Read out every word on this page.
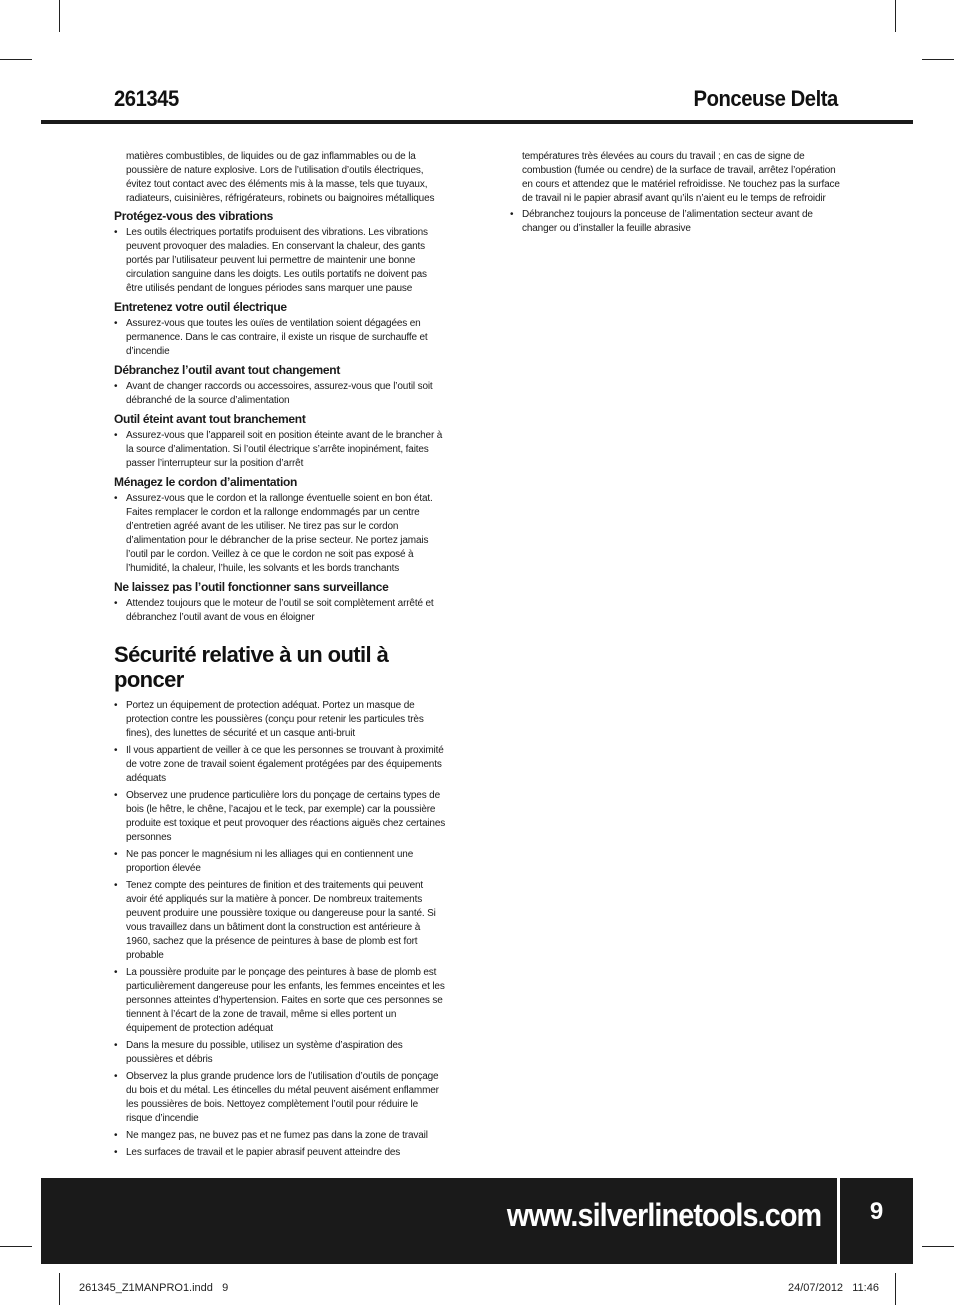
261345	Ponceuse Delta

matières combustibles, de liquides ou de gaz inflammables ou de la poussière de nature explosive. Lors de l’utilisation d’outils électriques, évitez tout contact avec des éléments mis à la masse, tels que tuyaux, radiateurs, cuisinières, réfrigérateurs, robinets ou baignoires métalliques

Protégez-vous des vibrations
• Les outils électriques portatifs produisent des vibrations. Les vibrations peuvent provoquer des maladies. En conservant la chaleur, des gants portés par l’utilisateur peuvent lui permettre de maintenir une bonne circulation sanguine dans les doigts. Les outils portatifs ne doivent pas être utilisés pendant de longues périodes sans marquer une pause
Entretenez votre outil électrique
• Assurez-vous que toutes les ouïes de ventilation soient dégagées en permanence. Dans le cas contraire, il existe un risque de surchauffe et d’incendie
Débranchez l’outil avant tout changement
• Avant de changer raccords ou accessoires, assurez-vous que l’outil soit débranché de la source d’alimentation
Outil éteint avant tout branchement
• Assurez-vous que l’appareil soit en position éteinte avant de le brancher à la source d’alimentation. Si l’outil électrique s’arrête inopinément, faites passer l’interrupteur sur la position d’arrêt
Ménagez le cordon d’alimentation
• Assurez-vous que le cordon et la rallonge éventuelle soient en bon état. Faites remplacer le cordon et la rallonge endommagés par un centre d’entretien agréé avant de les utiliser. Ne tirez pas sur le cordon d’alimentation pour le débrancher de la prise secteur. Ne portez jamais l’outil par le cordon. Veillez à ce que le cordon ne soit pas exposé à l’humidité, la chaleur, l’huile, les solvants et les bords tranchants
Ne laissez pas l’outil fonctionner sans surveillance
• Attendez toujours que le moteur de l’outil se soit complètement arrêté et débranchez l’outil avant de vous en éloigner
Sécurité relative à un outil à poncer
• Portez un équipement de protection adéquat. Portez un masque de protection contre les poussières (conçu pour retenir les particules très fines), des lunettes de sécurité et un casque anti-bruit
• Il vous appartient de veiller à ce que les personnes se trouvant à proximité de votre zone de travail soient également protégées par des équipements adéquats
• Observez une prudence particulière lors du ponçage de certains types de bois (le hêtre, le chêne, l’acajou et le teck, par exemple) car la poussière produite est toxique et peut provoquer des réactions aiguës chez certaines personnes
• Ne pas poncer le magnésium ni les alliages qui en contiennent une proportion élevée
• Tenez compte des peintures de finition et des traitements qui peuvent avoir été appliqués sur la matière à poncer. De nombreux traitements peuvent produire une poussière toxique ou dangereuse pour la santé. Si vous travaillez dans un bâtiment dont la construction est antérieure à 1960, sachez que la présence de peintures à base de plomb est fort probable
• La poussière produite par le ponçage des peintures à base de plomb est particulièrement dangereuse pour les enfants, les femmes enceintes et les personnes atteintes d’hypertension. Faites en sorte que ces personnes se tiennent à l’écart de la zone de travail, même si elles portent un équipement de protection adéquat
• Dans la mesure du possible, utilisez un système d’aspiration des poussières et débris
• Observez la plus grande prudence lors de l’utilisation d’outils de ponçage du bois et du métal. Les étincelles du métal peuvent aisément enflammer les poussières de bois. Nettoyez complètement l’outil pour réduire le risque d’incendie
• Ne mangez pas, ne buvez pas et ne fumez pas dans la zone de travail
• Les surfaces de travail et le papier abrasif peuvent atteindre des

températures très élevées au cours du travail ; en cas de signe de combustion (fumée ou cendre) de la surface de travail, arrêtez l’opération en cours et attendez que le matériel refroidisse. Ne touchez pas la surface de travail ni le papier abrasif avant qu’ils n’aient eu le temps de refroidir

• Débranchez toujours la ponceuse de l’alimentation secteur avant de changer ou d’installer la feuille abrasive
www.silverlinetools.com	9
261345_Z1MANPRO1.indd   9	24/07/2012   11:46
